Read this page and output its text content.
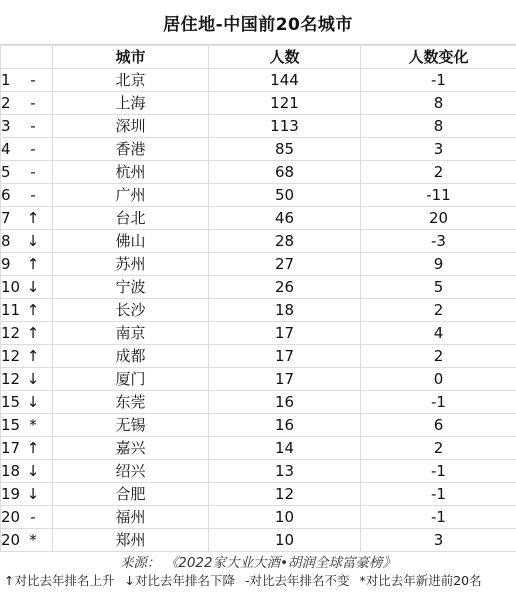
居住地-中国前20名城市
	城市	人数	人数变化
1 -	北京	144	-1
2 -	上海	121	8
3 -	深圳	113	8
4 -	香港	85	3
5 -	杭州	68	2
6 -	广州	50	-11
7 ↑	台北	46	20
8 ↓	佛山	28	-3
9 ↑	苏州	27	9
10 ↓	宁波	26	5
11 ↑	长沙	18	2
12 ↑	南京	17	4
12 ↑	成都	17	2
12 ↓	厦门	17	0
15 ↓	东莞	16	-1
15 *	无锡	16	6
17 ↑	嘉兴	14	2
18 ↓	绍兴	13	-1
19 ↓	合肥	12	-1
20 -	福州	10	-1
20 *	郑州	10	3
来源： 《2022家大业大酒•胡润全球富豪榜》
↑对比去年排名上升 ↓对比去年排名下降 -对比去年排名不变 *对比去年新进前20名
